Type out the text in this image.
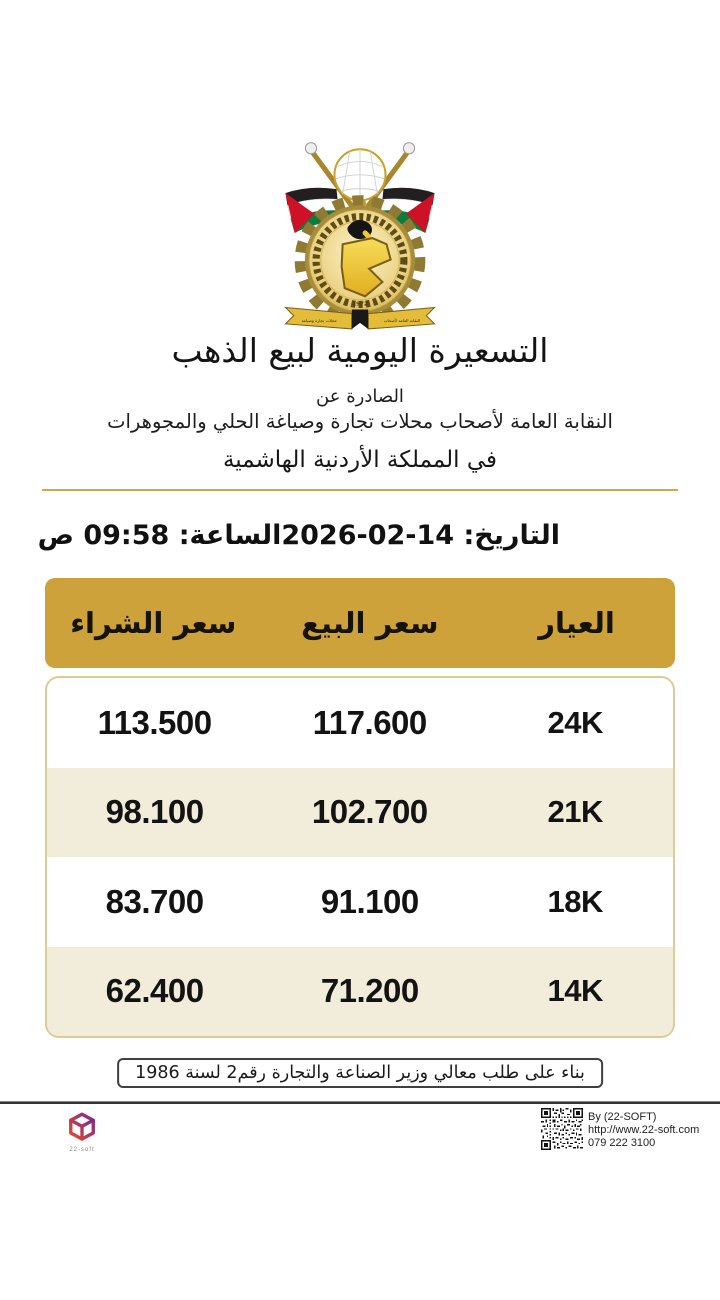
1972
محلات تجارة وصياغة	النقابة العامة لأصحاب
التسعيرة اليومية لبيع الذهب
الصادرة عن
النقابة العامة لأصحاب محلات تجارة وصياغة الحلي والمجوهرات
في المملكة الأردنية الهاشمية
التاريخ: 14-02-2026
الساعة: 09:58 ص
العيار
سعر البيع
سعر الشراء
24K
117.600
113.500
21K
102.700
98.100
18K
91.100
83.700
14K
71.200
62.400
بناء على طلب معالي وزير الصناعة والتجارة رقم2 لسنة 1986
22-soft
By (22-SOFT)
http://www.22-soft.com
079 222 3100
